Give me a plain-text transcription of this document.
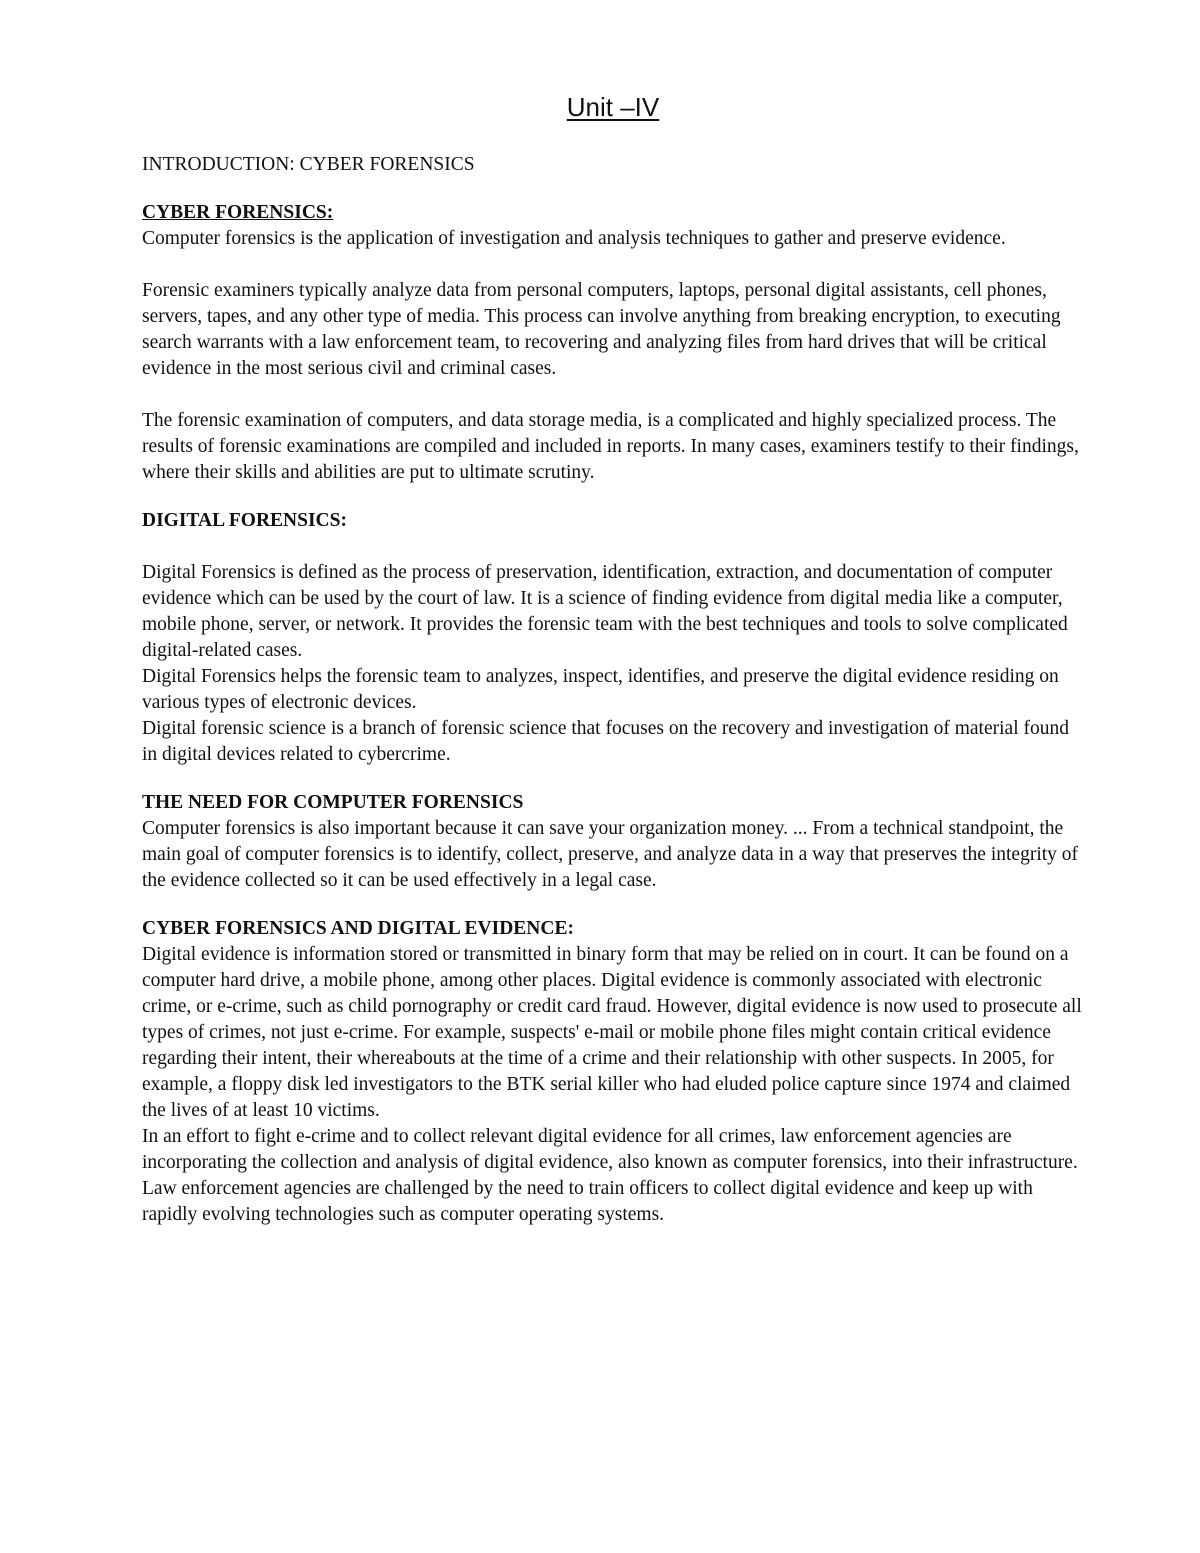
Unit –IV
INTRODUCTION: CYBER FORENSICS
CYBER FORENSICS:

Computer forensics is the application of investigation and analysis techniques to gather and preserve evidence.

Forensic examiners typically analyze data from personal computers, laptops, personal digital assistants, cell phones, servers, tapes, and any other type of media. This process can involve anything from breaking encryption, to executing search warrants with a law enforcement team, to recovering and analyzing files from hard drives that will be critical evidence in the most serious civil and criminal cases.

The forensic examination of computers, and data storage media, is a complicated and highly specialized process. The results of forensic examinations are compiled and included in reports. In many cases, examiners testify to their findings, where their skills and abilities are put to ultimate scrutiny.

DIGITAL FORENSICS:

Digital Forensics is defined as the process of preservation, identification, extraction, and documentation of computer evidence which can be used by the court of law. It is a science of finding evidence from digital media like a computer, mobile phone, server, or network. It provides the forensic team with the best techniques and tools to solve complicated digital-related cases.

Digital Forensics helps the forensic team to analyzes, inspect, identifies, and preserve the digital evidence residing on various types of electronic devices.

Digital forensic science is a branch of forensic science that focuses on the recovery and investigation of material found in digital devices related to cybercrime.

THE NEED FOR COMPUTER FORENSICS

Computer forensics is also important because it can save your organization money. ... From a technical standpoint, the main goal of computer forensics is to identify, collect, preserve, and analyze data in a way that preserves the integrity of the evidence collected so it can be used effectively in a legal case.

CYBER FORENSICS AND DIGITAL EVIDENCE:

Digital evidence is information stored or transmitted in binary form that may be relied on in court. It can be found on a computer hard drive, a mobile phone, among other places. Digital evidence is commonly associated with electronic crime, or e-crime, such as child pornography or credit card fraud. However, digital evidence is now used to prosecute all types of crimes, not just e-crime. For example, suspects' e-mail or mobile phone files might contain critical evidence regarding their intent, their whereabouts at the time of a crime and their relationship with other suspects. In 2005, for example, a floppy disk led investigators to the BTK serial killer who had eluded police capture since 1974 and claimed the lives of at least 10 victims.

In an effort to fight e-crime and to collect relevant digital evidence for all crimes, law enforcement agencies are incorporating the collection and analysis of digital evidence, also known as computer forensics, into their infrastructure. Law enforcement agencies are challenged by the need to train officers to collect digital evidence and keep up with rapidly evolving technologies such as computer operating systems.
